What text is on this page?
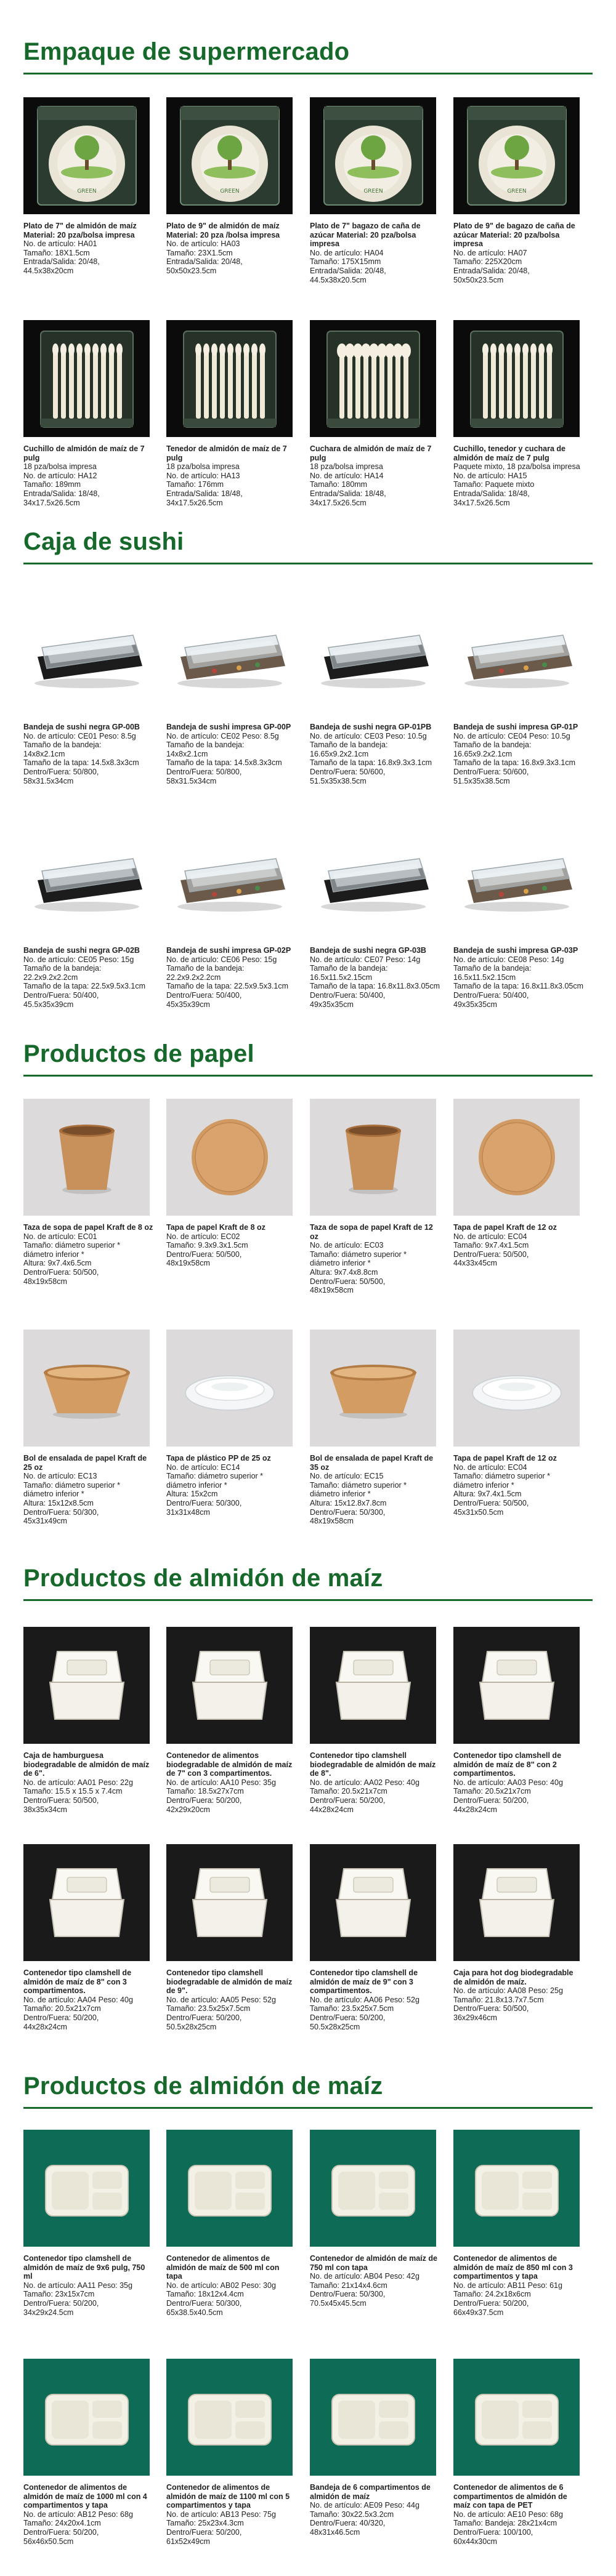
Empaque de supermercado
Caja de sushi
Productos de papel
Productos de almidón de maíz
Productos de almidón de maíz
GREEN
Plato de 7" de almidón de maíz Material: 20 pza/bolsa impresa
No. de artículo: HA01
Tamaño: 18X1.5cm
Entrada/Salida: 20/48,
44.5x38x20cm
GREEN
Plato de 9" de almidón de maíz Material: 20 pza /bolsa impresa
No. de artículo: HA03
Tamaño: 23X1.5cm
Entrada/Salida: 20/48,
50x50x23.5cm
GREEN
Plato de 7" bagazo de caña de azúcar Material: 20 pza/bolsa impresa
No. de artículo: HA04
Tamaño: 175X15mm
Entrada/Salida: 20/48,
44.5x38x20.5cm
GREEN
Plato de 9" de bagazo de caña de azúcar Material: 20 pza/bolsa impresa
No. de artículo: HA07
Tamaño: 225X20cm
Entrada/Salida: 20/48,
50x50x23.5cm
Cuchillo de almidón de maíz de 7 pulg
18 pza/bolsa impresa
No. de artículo: HA12
Tamaño: 189mm
Entrada/Salida: 18/48,
34x17.5x26.5cm
Tenedor de almidón de maíz de 7 pulg
18 pza/bolsa impresa
No. de artículo: HA13
Tamaño: 176mm
Entrada/Salida: 18/48,
34x17.5x26.5cm
Cuchara de almidón de maíz de 7 pulg
18 pza/bolsa impresa
No. de artículo: HA14
Tamaño: 180mm
Entrada/Salida: 18/48,
34x17.5x26.5cm
Cuchillo, tenedor y cuchara de almidón de maíz de 7 pulg
Paquete mixto, 18 pza/bolsa impresa
No. de artículo: HA15
Tamaño: Paquete mixto
Entrada/Salida: 18/48,
34x17.5x26.5cm
Bandeja de sushi negra GP-00B
No. de artículo: CE01 Peso: 8.5g
Tamaño de la bandeja:
14x8x2.1cm
Tamaño de la tapa: 14.5x8.3x3cm
Dentro/Fuera: 50/800,
58x31.5x34cm
Bandeja de sushi impresa GP-00P
No. de artículo: CE02 Peso: 8.5g
Tamaño de la bandeja:
14x8x2.1cm
Tamaño de la tapa: 14.5x8.3x3cm
Dentro/Fuera: 50/800,
58x31.5x34cm
Bandeja de sushi negra GP-01PB
No. de artículo: CE03 Peso: 10.5g
Tamaño de la bandeja:
16.65x9.2x2.1cm
Tamaño de la tapa: 16.8x9.3x3.1cm
Dentro/Fuera: 50/600,
51.5x35x38.5cm
Bandeja de sushi impresa GP-01P
No. de artículo: CE04 Peso: 10.5g
Tamaño de la bandeja:
16.65x9.2x2.1cm
Tamaño de la tapa: 16.8x9.3x3.1cm
Dentro/Fuera: 50/600,
51.5x35x38.5cm
Bandeja de sushi negra GP-02B
No. de artículo: CE05 Peso: 15g
Tamaño de la bandeja:
22.2x9.2x2.2cm
Tamaño de la tapa: 22.5x9.5x3.1cm
Dentro/Fuera: 50/400,
45.5x35x39cm
Bandeja de sushi impresa GP-02P
No. de artículo: CE06 Peso: 15g
Tamaño de la bandeja:
22.2x9.2x2.2cm
Tamaño de la tapa: 22.5x9.5x3.1cm
Dentro/Fuera: 50/400,
45x35x39cm
Bandeja de sushi negra GP-03B
No. de artículo: CE07 Peso: 14g
Tamaño de la bandeja:
16.5x11.5x2.15cm
Tamaño de la tapa: 16.8x11.8x3.05cm
Dentro/Fuera: 50/400,
49x35x35cm
Bandeja de sushi impresa GP-03P
No. de artículo: CE08 Peso: 14g
Tamaño de la bandeja:
16.5x11.5x2.15cm
Tamaño de la tapa: 16.8x11.8x3.05cm
Dentro/Fuera: 50/400,
49x35x35cm
Taza de sopa de papel Kraft de 8 oz
No. de artículo: EC01
Tamaño: diámetro superior *
diámetro inferior *
Altura: 9x7.4x6.5cm
Dentro/Fuera: 50/500,
48x19x58cm
Tapa de papel Kraft de 8 oz
No. de artículo: EC02
Tamaño: 9.3x9.3x1.5cm
Dentro/Fuera: 50/500,
48x19x58cm
Taza de sopa de papel Kraft de 12 oz
No. de artículo: EC03
Tamaño: diámetro superior *
diámetro inferior *
Altura: 9x7.4x8.8cm
Dentro/Fuera: 50/500,
48x19x58cm
Tapa de papel Kraft de 12 oz
No. de artículo: EC04
Tamaño: 9x7.4x1.5cm
Dentro/Fuera: 50/500,
44x33x45cm
Bol de ensalada de papel Kraft de 25 oz
No. de artículo: EC13
Tamaño: diámetro superior *
diámetro inferior *
Altura: 15x12x8.5cm
Dentro/Fuera: 50/300,
45x31x49cm
Tapa de plástico PP de 25 oz
No. de artículo: EC14
Tamaño: diámetro superior *
diámetro inferior *
Altura: 15x2cm
Dentro/Fuera: 50/300,
31x31x48cm
Bol de ensalada de papel Kraft de 35 oz
No. de artículo: EC15
Tamaño: diámetro superior *
diámetro inferior *
Altura: 15x12.8x7.8cm
Dentro/Fuera: 50/300,
48x19x58cm
Tapa de papel Kraft de 12 oz
No. de artículo: EC04
Tamaño: diámetro superior *
diámetro inferior *
Altura: 9x7.4x1.5cm
Dentro/Fuera: 50/500,
45x31x50.5cm
Caja de hamburguesa biodegradable de almidón de maíz de 6".
No. de artículo: AA01 Peso: 22g
Tamaño: 15.5 x 15.5 x 7.4cm
Dentro/Fuera: 50/500,
38x35x34cm
Contenedor de alimentos biodegradable de almidón de maíz de 7" con 3 compartimentos.
No. de artículo: AA10 Peso: 35g
Tamaño: 18.5x27x7cm
Dentro/Fuera: 50/200,
42x29x20cm
Contenedor tipo clamshell biodegradable de almidón de maíz de 8".
No. de artículo: AA02 Peso: 40g
Tamaño: 20.5x21x7cm
Dentro/Fuera: 50/200,
44x28x24cm
Contenedor tipo clamshell de almidón de maíz de 8" con 2 compartimentos.
No. de artículo: AA03 Peso: 40g
Tamaño: 20.5x21x7cm
Dentro/Fuera: 50/200,
44x28x24cm
Contenedor tipo clamshell de almidón de maíz de 8" con 3 compartimentos.
No. de artículo: AA04 Peso: 40g
Tamaño: 20.5x21x7cm
Dentro/Fuera: 50/200,
44x28x24cm
Contenedor tipo clamshell biodegradable de almidón de maíz de 9".
No. de artículo: AA05 Peso: 52g
Tamaño: 23.5x25x7.5cm
Dentro/Fuera: 50/200,
50.5x28x25cm
Contenedor tipo clamshell de almidón de maíz de 9" con 3 compartimentos.
No. de artículo: AA06 Peso: 52g
Tamaño: 23.5x25x7.5cm
Dentro/Fuera: 50/200,
50.5x28x25cm
Caja para hot dog biodegradable de almidón de maíz.
No. de artículo: AA08 Peso: 25g
Tamaño: 21.8x13.7x7.5cm
Dentro/Fuera: 50/500,
36x29x46cm
Contenedor tipo clamshell de almidón de maíz de 9x6 pulg, 750 ml
No. de artículo: AA11 Peso: 35g
Tamaño: 23x15x7cm
Dentro/Fuera: 50/200,
34x29x24.5cm
Contenedor de alimentos de almidón de maíz de 500 ml con tapa
No. de artículo: AB02 Peso: 30g
Tamaño: 18x12x4.4cm
Dentro/Fuera: 50/300,
65x38.5x40.5cm
Contenedor de almidón de maíz de 750 ml con tapa
No. de artículo: AB04 Peso: 42g
Tamaño: 21x14x4.6cm
Dentro/Fuera: 50/300,
70.5x45x45.5cm
Contenedor de alimentos de almidón de maíz de 850 ml con 3 compartimentos y tapa
No. de artículo: AB11 Peso: 61g
Tamaño: 24.2x18x6cm
Dentro/Fuera: 50/200,
66x49x37.5cm
Contenedor de alimentos de almidón de maíz de 1000 ml con 4 compartimentos y tapa
No. de artículo: AB12 Peso: 68g
Tamaño: 24x20x4.1cm
Dentro/Fuera: 50/200,
56x46x50.5cm
Contenedor de alimentos de almidón de maíz de 1100 ml con 5 compartimentos y tapa
No. de artículo: AB13 Peso: 75g
Tamaño: 25x23x4.3cm
Dentro/Fuera: 50/200,
61x52x49cm
Bandeja de 6 compartimentos de almidón de maíz
No. de artículo: AE09 Peso: 44g
Tamaño: 30x22.5x3.2cm
Dentro/Fuera: 40/320,
48x31x46.5cm
Contenedor de alimentos de 6 compartimentos de almidón de maíz con tapa de PET
No. de artículo: AE10 Peso: 68g
Tamaño: Bandeja: 28x21x4cm
Dentro/Fuera: 100/100,
60x44x30cm
